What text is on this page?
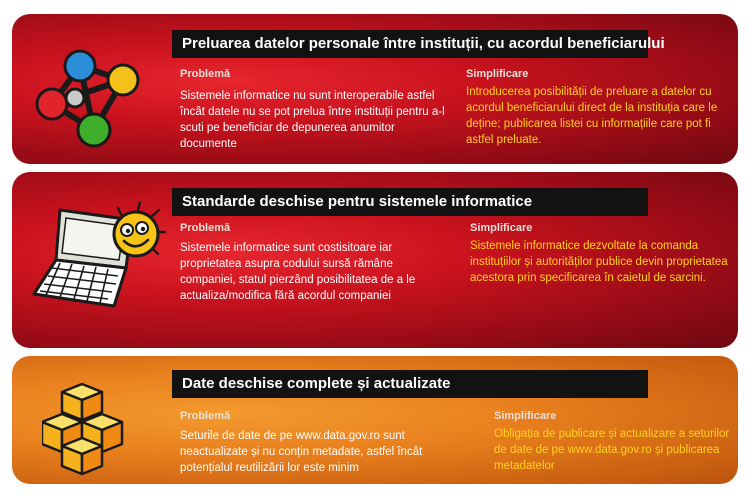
Preluarea datelor personale între instituții, cu acordul beneficiarului
Problemă
Sistemele informatice nu sunt interoperabile astfel încât datele nu se pot prelua între instituții pentru a-l scuti pe beneficiar de depunerea anumitor documente
Simplificare
Introducerea posibilității de preluare a datelor cu acordul beneficiarului direct de la instituția care le deține; publicarea listei cu informațiile care pot fi astfel preluate.
Standarde deschise pentru sistemele informatice
Problemă
Sistemele informatice sunt costisitoare iar proprietatea asupra codului sursă rămâne companiei, statul pierzând posibilitatea de a le actualiza/modifica fără acordul companiei
Simplificare
Sistemele informatice dezvoltate la comanda instituțiilor și autorităților publice devin proprietatea acestora prin specificarea în caietul de sarcini.
Date deschise complete și actualizate
Problemă
Seturile de date de pe www.data.gov.ro sunt neactualizate și nu conțin metadate, astfel încât potențialul reutilizării lor este minim
Simplificare
Obligația de publicare și actualizare a seturilor de date de pe www.data.gov.ro și publicarea metadatelor
